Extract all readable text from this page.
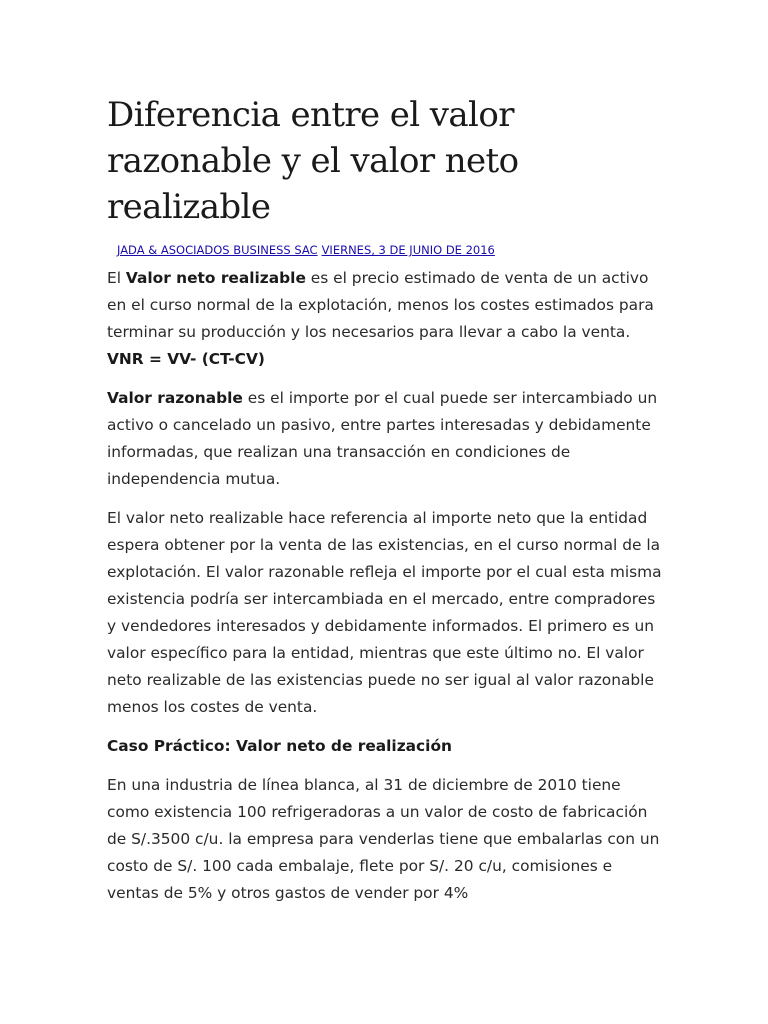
Diferencia entre el valor razonable y el valor neto realizable
JADA & ASOCIADOS BUSINESS SAC VIERNES, 3 DE JUNIO DE 2016

El Valor neto realizable es el precio estimado de venta de un activo en el curso normal de la explotación, menos los costes estimados para terminar su producción y los necesarios para llevar a cabo la venta. VNR = VV- (CT-CV)

Valor razonable es el importe por el cual puede ser intercambiado un activo o cancelado un pasivo, entre partes interesadas y debidamente informadas, que realizan una transacción en condiciones de independencia mutua.

El valor neto realizable hace referencia al importe neto que la entidad espera obtener por la venta de las existencias, en el curso normal de la explotación. El valor razonable refleja el importe por el cual esta misma existencia podría ser intercambiada en el mercado, entre compradores y vendedores interesados y debidamente informados. El primero es un valor específico para la entidad, mientras que este último no. El valor neto realizable de las existencias puede no ser igual al valor razonable menos los costes de venta.

Caso Práctico: Valor neto de realización

En una industria de línea blanca, al 31 de diciembre de 2010 tiene como existencia 100 refrigeradoras a un valor de costo de fabricación de S/.3500 c/u. la empresa para venderlas tiene que embalarlas con un costo de S/. 100 cada embalaje, flete por S/. 20 c/u, comisiones e ventas de 5% y otros gastos de vender por 4%
